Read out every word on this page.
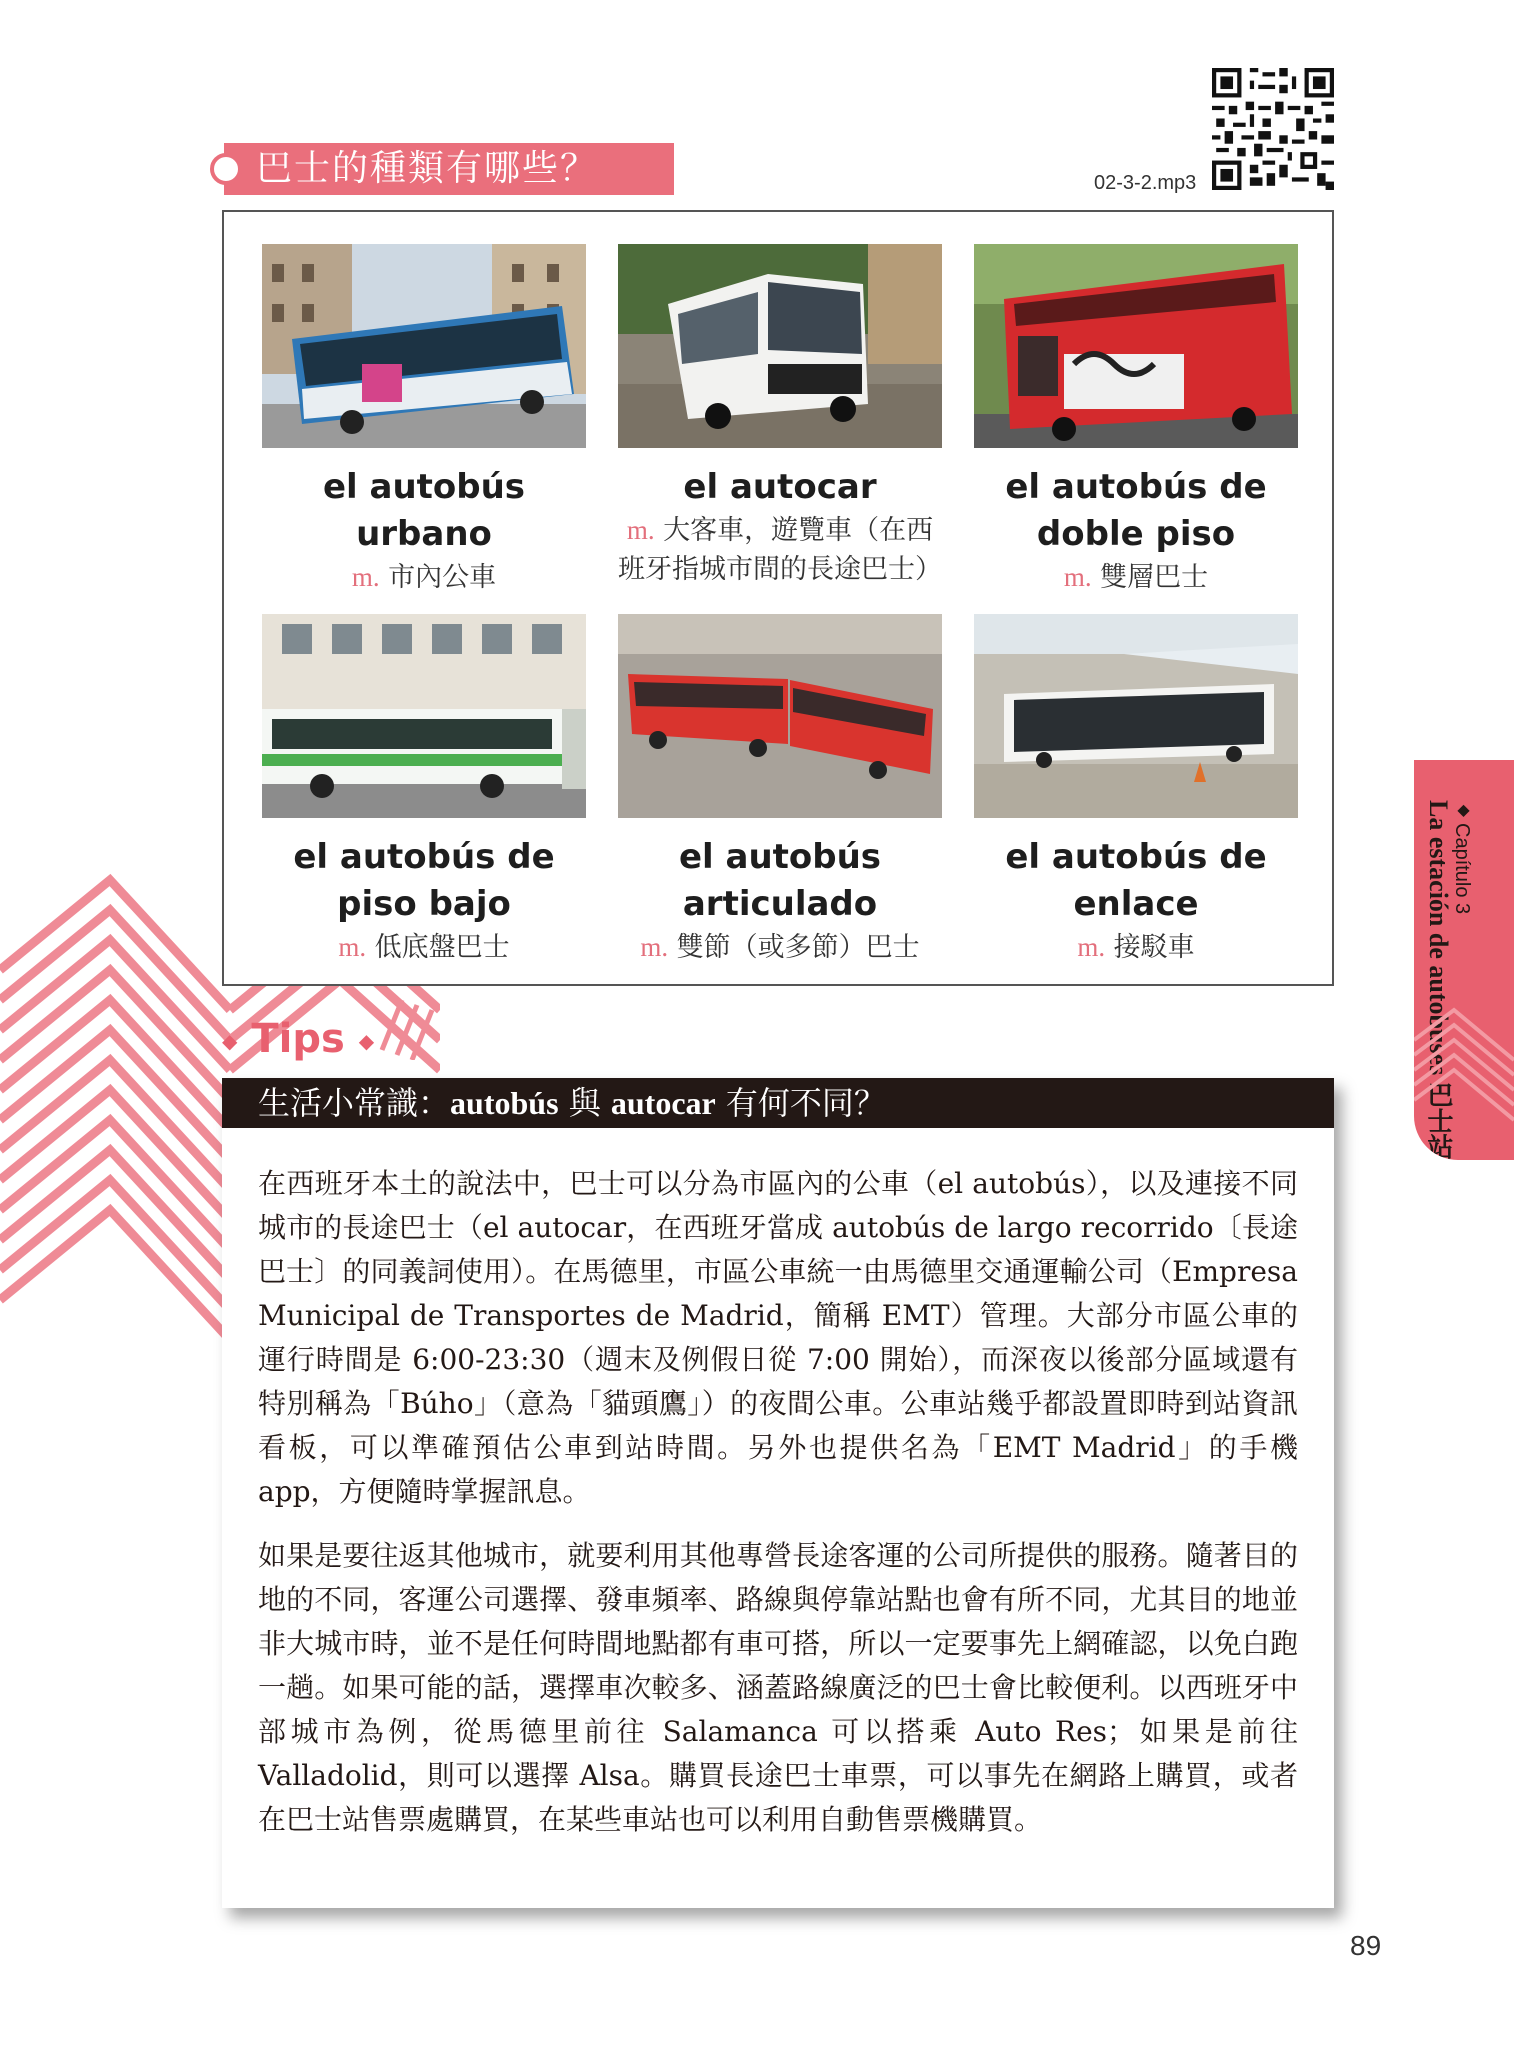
02-3-2.mp3
巴士的種類有哪些？
el autobús urbano
m. 市內公車
el autocar
m. 大客車，遊覽車（在西班牙指城市間的長途巴士）
el autobús de doble piso
m. 雙層巴士
el autobús de piso bajo
m. 低底盤巴士
el autobús articulado
m. 雙節（或多節）巴士
el autobús de enlace
m. 接駁車
◆ Tips ◆
生活小常識：autobús 與 autocar 有何不同？

在西班牙本土的說法中，巴士可以分為市區內的公車（el autobús），以及連接不同城市的長途巴士（el autocar，在西班牙當成 autobús de largo recorrido〔長途巴士〕的同義詞使用）。在馬德里，市區公車統一由馬德里交通運輸公司（Empresa Municipal de Transportes de Madrid，簡稱 EMT）管理。大部分市區公車的運行時間是 6:00-23:30（週末及例假日從 7:00 開始），而深夜以後部分區域還有特別稱為「Búho」（意為「貓頭鷹」）的夜間公車。公車站幾乎都設置即時到站資訊看板，可以準確預估公車到站時間。另外也提供名為「EMT Madrid」的手機 app，方便隨時掌握訊息。

如果是要往返其他城市，就要利用其他專營長途客運的公司所提供的服務。隨著目的地的不同，客運公司選擇、發車頻率、路線與停靠站點也會有所不同，尤其目的地並非大城市時，並不是任何時間地點都有車可搭，所以一定要事先上網確認，以免白跑一趟。如果可能的話，選擇車次較多、涵蓋路線廣泛的巴士會比較便利。以西班牙中部城市為例，從馬德里前往 Salamanca 可以搭乘 Auto Res；如果是前往 Valladolid，則可以選擇 Alsa。購買長途巴士車票，可以事先在網路上購買，或者在巴士站售票處購買，在某些車站也可以利用自動售票機購買。

◆ Capítulo 3
La estación de autobuses 巴士站
89
